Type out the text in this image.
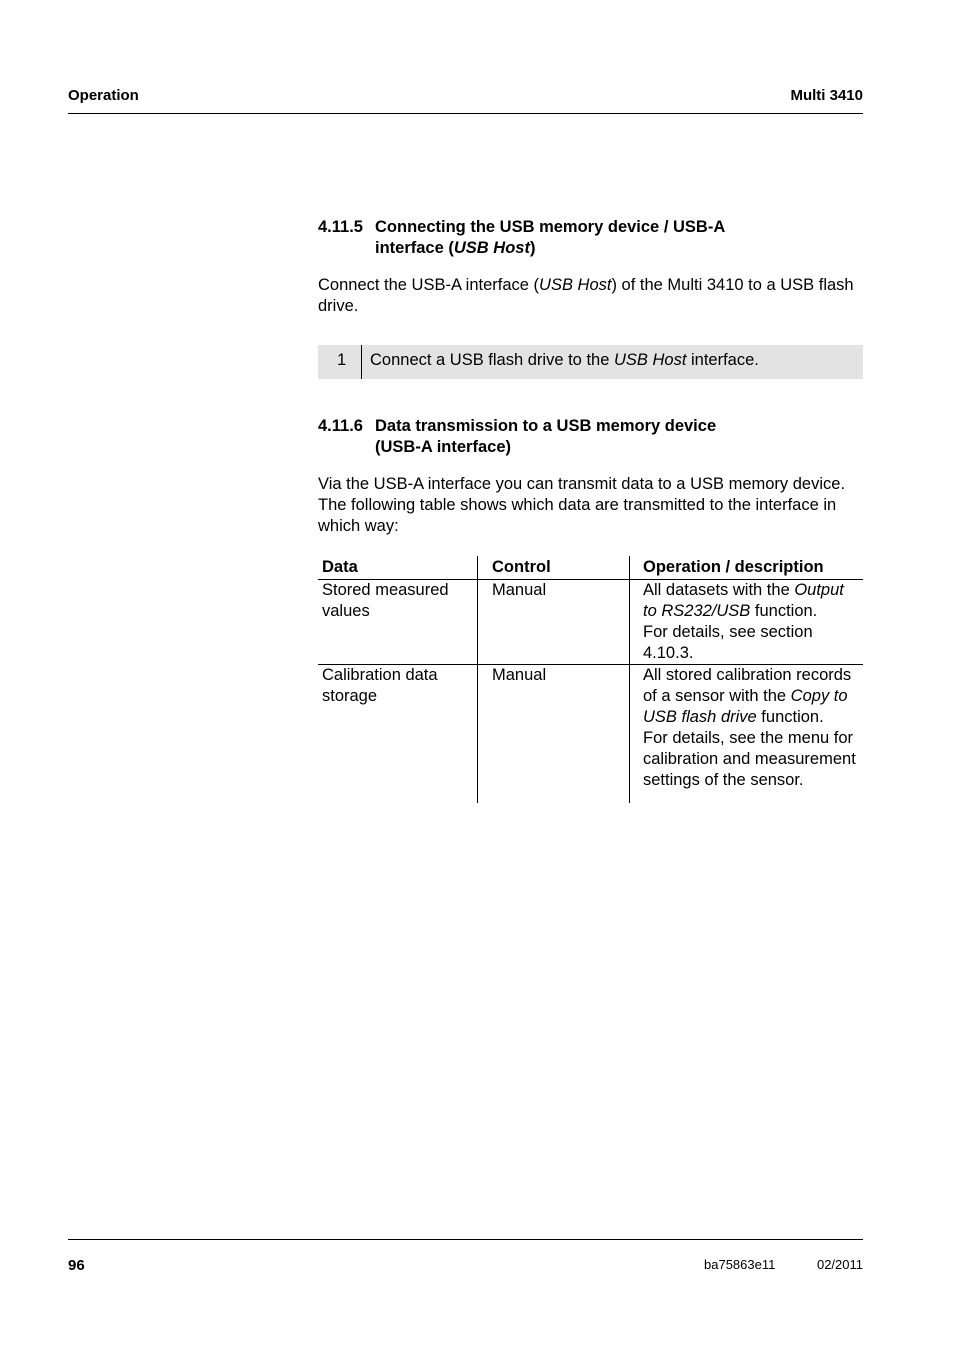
Operation	Multi 3410
4.11.5 Connecting the USB memory device / USB-A
interface (USB Host)
Connect the USB-A interface (USB Host) of the Multi 3410 to a USB flash drive.
1 Connect a USB flash drive to the USB Host interface.
4.11.6 Data transmission to a USB memory device
(USB-A interface)
Via the USB-A interface you can transmit data to a USB memory device. The following table shows which data are transmitted to the interface in which way:
Data	Control	Operation / description
Stored measured values	Manual	All datasets with the Output to RS232/USB function.
For details, see section 4.10.3.
Calibration data storage	Manual	All stored calibration records of a sensor with the Copy to USB flash drive function.
For details, see the menu for calibration and measurement settings of the sensor.
96	ba75863e11	02/2011
